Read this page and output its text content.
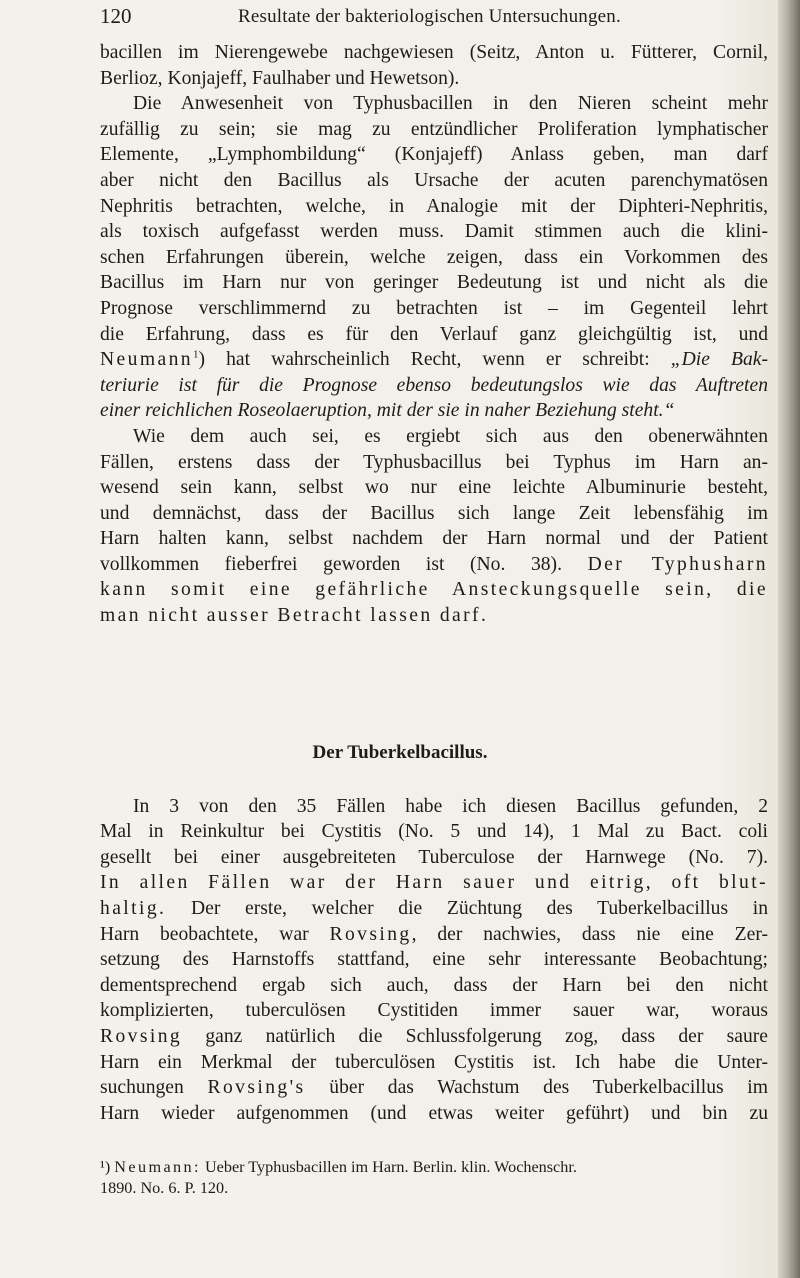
120	Resultate der bakteriologischen Untersuchungen.

bacillen im Nierengewebe nachgewiesen (Seitz, Anton u. Fütterer, Cornil,
Berlioz, Konjajeff, Faulhaber und Hewetson).

Die Anwesenheit von Typhusbacillen in den Nieren scheint mehr
zufällig zu sein; sie mag zu entzündlicher Proliferation lymphatischer
Elemente, „Lymphombildung“ (Konjajeff) Anlass geben, man darf
aber nicht den Bacillus als Ursache der acuten parenchymatösen
Nephritis betrachten, welche, in Analogie mit der Diphteri-Nephritis,
als toxisch aufgefasst werden muss. Damit stimmen auch die klini-
schen Erfahrungen überein, welche zeigen, dass ein Vorkommen des
Bacillus im Harn nur von geringer Bedeutung ist und nicht als die
Prognose verschlimmernd zu betrachten ist – im Gegenteil lehrt
die Erfahrung, dass es für den Verlauf ganz gleichgültig ist, und
Neumann$^1$) hat wahrscheinlich Recht, wenn er schreibt: „Die Bak-
teriurie ist für die Prognose ebenso bedeutungslos wie das Auftreten
einer reichlichen Roseolaeruption, mit der sie in naher Beziehung steht.“

Wie dem auch sei, es ergiebt sich aus den obenerwähnten
Fällen, erstens dass der Typhusbacillus bei Typhus im Harn an-
wesend sein kann, selbst wo nur eine leichte Albuminurie besteht,
und demnächst, dass der Bacillus sich lange Zeit lebensfähig im
Harn halten kann, selbst nachdem der Harn normal und der Patient
vollkommen fieberfrei geworden ist (No. 38). Der Typhusharn
kann somit eine gefährliche Ansteckungsquelle sein, die
man nicht ausser Betracht lassen darf.

Der Tuberkelbacillus.

In 3 von den 35 Fällen habe ich diesen Bacillus gefunden, 2
Mal in Reinkultur bei Cystitis (No. 5 und 14), 1 Mal zu Bact. coli
gesellt bei einer ausgebreiteten Tuberculose der Harnwege (No. 7).
In allen Fällen war der Harn sauer und eitrig, oft blut-
haltig. Der erste, welcher die Züchtung des Tuberkelbacillus in
Harn beobachtete, war Rovsing, der nachwies, dass nie eine Zer-
setzung des Harnstoffs stattfand, eine sehr interessante Beobachtung;
dementsprechend ergab sich auch, dass der Harn bei den nicht
komplizierten, tuberculösen Cystitiden immer sauer war, woraus
Rovsing ganz natürlich die Schlussfolgerung zog, dass der saure
Harn ein Merkmal der tuberculösen Cystitis ist. Ich habe die Unter-
suchungen Rovsing's über das Wachstum des Tuberkelbacillus im
Harn wieder aufgenommen (und etwas weiter geführt) und bin zu

¹) Neumann: Ueber Typhusbacillen im Harn. Berlin. klin. Wochenschr.
1890. No. 6. P. 120.
